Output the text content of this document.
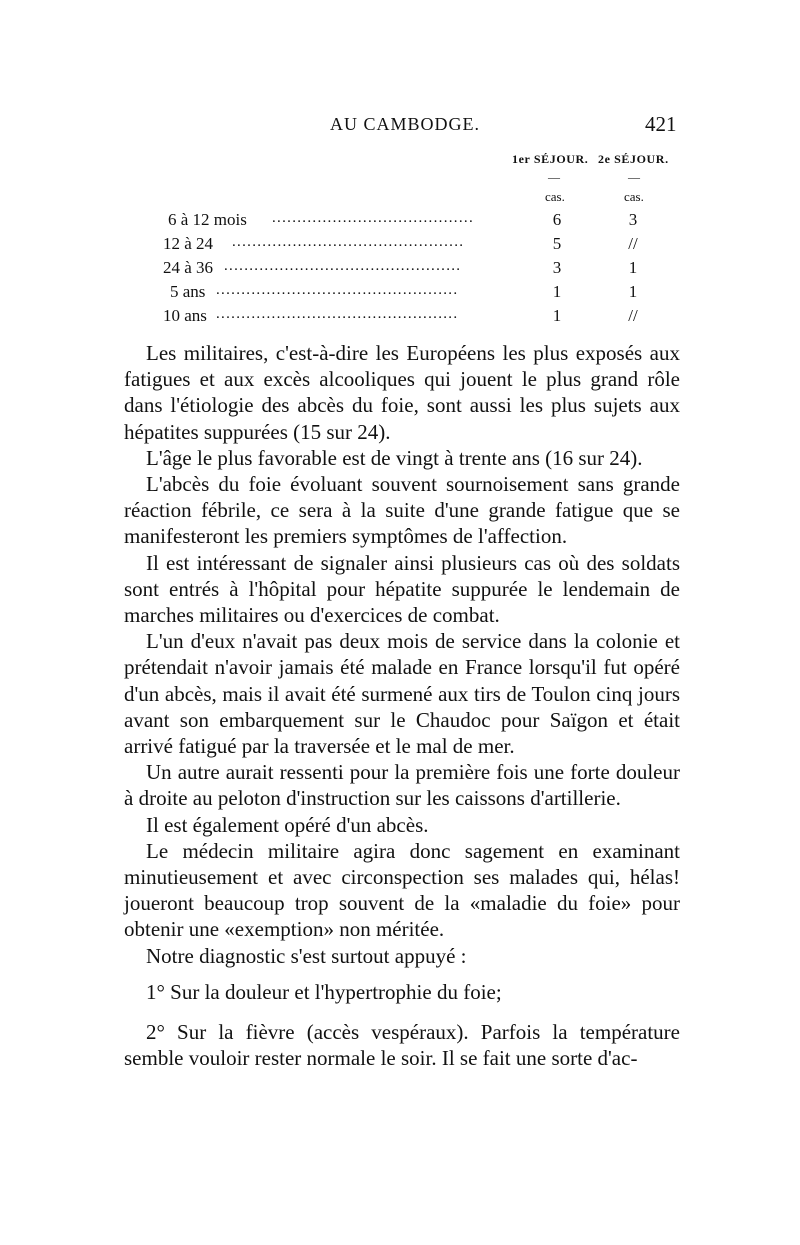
AU CAMBODGE.	421
1er SÉJOUR. 2e SÉJOUR.
—	—
cas.	cas.
6 à 12 mois ........................................	6	3
12 à 24 ..............................................	5	//
24 à 36 ...............................................	3	1
5 ans ................................................	1	1
10 ans ................................................	1	//

Les militaires, c'est-à-dire les Européens les plus exposés aux fatigues et aux excès alcooliques qui jouent le plus grand rôle dans l'étiologie des abcès du foie, sont aussi les plus sujets aux hépatites suppurées (15 sur 24).

L'âge le plus favorable est de vingt à trente ans (16 sur 24).

L'abcès du foie évoluant souvent sournoisement sans grande réaction fébrile, ce sera à la suite d'une grande fatigue que se manifesteront les premiers symptômes de l'affection.

Il est intéressant de signaler ainsi plusieurs cas où des soldats sont entrés à l'hôpital pour hépatite suppurée le lendemain de marches militaires ou d'exercices de combat.

L'un d'eux n'avait pas deux mois de service dans la colonie et prétendait n'avoir jamais été malade en France lorsqu'il fut opéré d'un abcès, mais il avait été surmené aux tirs de Toulon cinq jours avant son embarquement sur le Chaudoc pour Saïgon et était arrivé fatigué par la traversée et le mal de mer.

Un autre aurait ressenti pour la première fois une forte douleur à droite au peloton d'instruction sur les caissons d'artillerie.

Il est également opéré d'un abcès.

Le médecin militaire agira donc sagement en examinant minutieusement et avec circonspection ses malades qui, hélas! joueront beaucoup trop souvent de la «maladie du foie» pour obtenir une «exemption» non méritée.

Notre diagnostic s'est surtout appuyé :

1° Sur la douleur et l'hypertrophie du foie;

2° Sur la fièvre (accès vespéraux). Parfois la température semble vouloir rester normale le soir. Il se fait une sorte d'ac-
